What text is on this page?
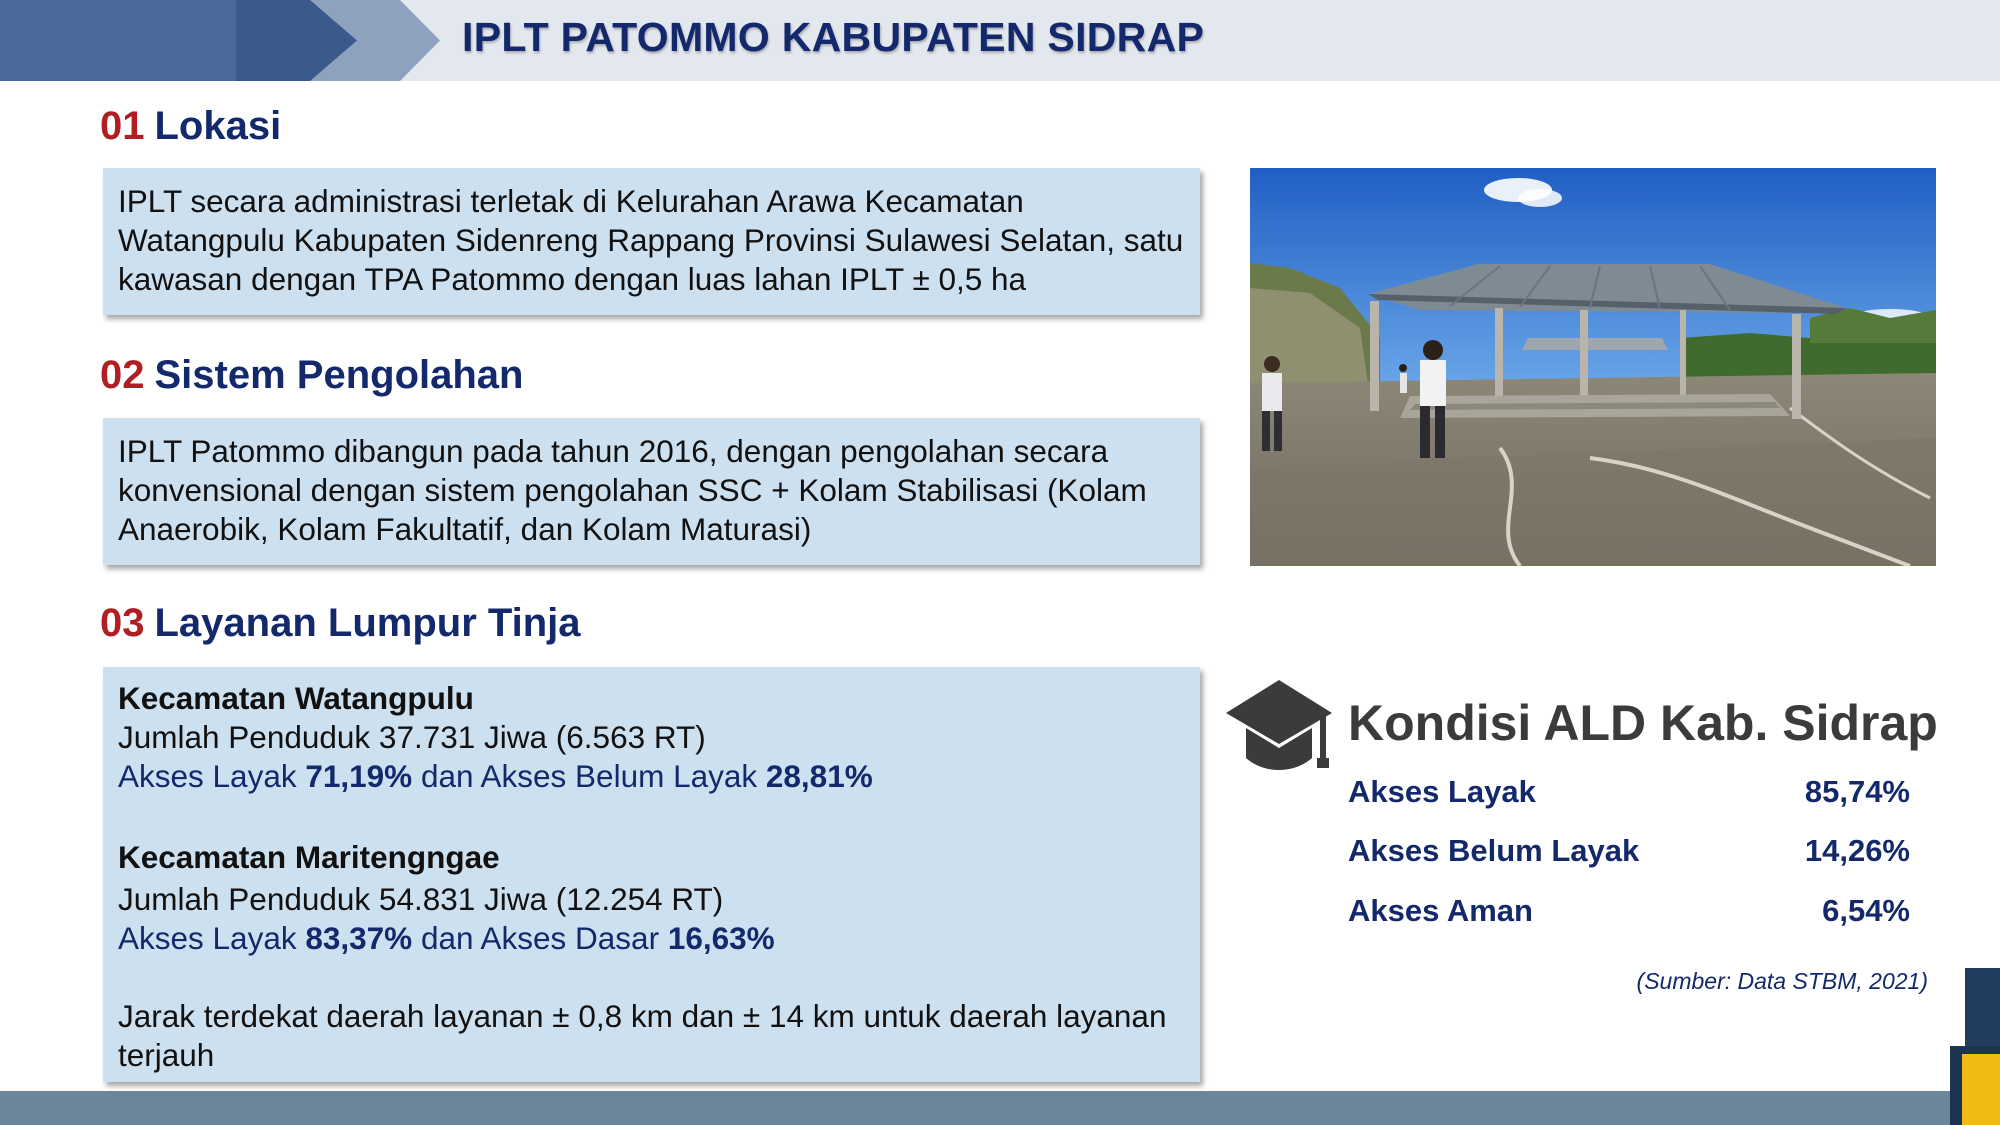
IPLT PATOMMO KABUPATEN SIDRAP
01 Lokasi

IPLT secara administrasi terletak di Kelurahan Arawa Kecamatan Watangpulu Kabupaten Sidenreng Rappang Provinsi Sulawesi Selatan, satu kawasan dengan TPA Patommo dengan luas lahan IPLT ± 0,5 ha

02 Sistem Pengolahan

IPLT Patommo dibangun pada tahun 2016, dengan pengolahan secara konvensional dengan sistem pengolahan SSC + Kolam Stabilisasi (Kolam Anaerobik, Kolam Fakultatif, dan Kolam Maturasi)

03 Layanan Lumpur Tinja

Kecamatan Watangpulu

Jumlah Penduduk 37.731 Jiwa (6.563 RT)

Akses Layak 71,19% dan Akses Belum Layak 28,81%

Kecamatan Maritengngae

Jumlah Penduduk 54.831 Jiwa (12.254 RT)

Akses Layak 83,37% dan Akses Dasar 16,63%

Jarak terdekat daerah layanan ± 0,8 km dan ± 14 km untuk daerah layanan terjauh

Kondisi ALD Kab. Sidrap
Akses Layak	85,74%
Akses Belum Layak	14,26%
Akses Aman	6,54%
(Sumber: Data STBM, 2021)
